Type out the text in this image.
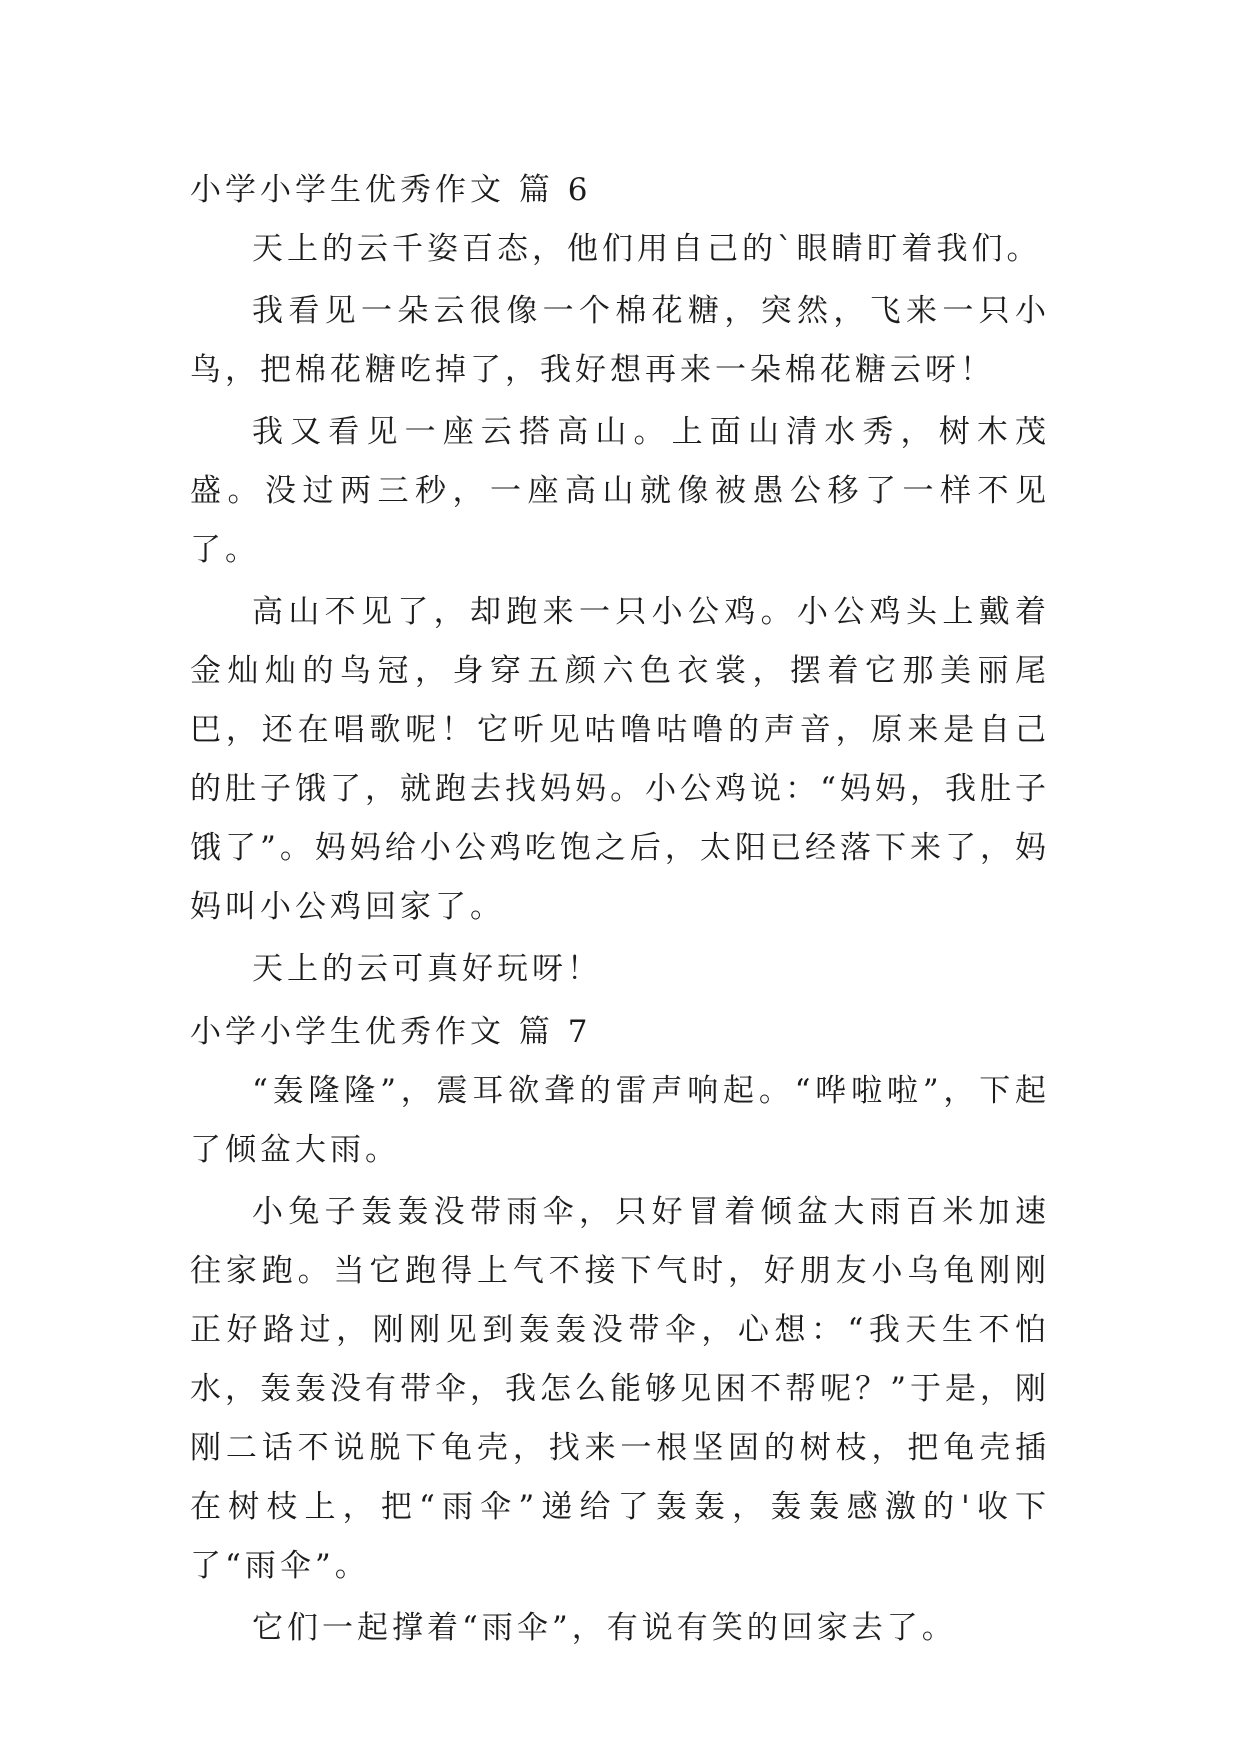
小学小学生优秀作文 篇 6

天上的云千姿百态，他们用自己的`眼睛盯着我们。

我看见一朵云很像一个棉花糖，突然，飞来一只小鸟，把棉花糖吃掉了，我好想再来一朵棉花糖云呀！

我又看见一座云搭高山。上面山清水秀，树木茂盛。没过两三秒，一座高山就像被愚公移了一样不见了。

高山不见了，却跑来一只小公鸡。小公鸡头上戴着金灿灿的鸟冠，身穿五颜六色衣裳，摆着它那美丽尾巴，还在唱歌呢！它听见咕噜咕噜的声音，原来是自己的肚子饿了，就跑去找妈妈。小公鸡说：“妈妈，我肚子饿了”。妈妈给小公鸡吃饱之后，太阳已经落下来了，妈妈叫小公鸡回家了。

天上的云可真好玩呀！

小学小学生优秀作文 篇 7

“轰隆隆”，震耳欲聋的雷声响起。“哗啦啦”，下起了倾盆大雨。

小兔子轰轰没带雨伞，只好冒着倾盆大雨百米加速往家跑。当它跑得上气不接下气时，好朋友小乌龟刚刚正好路过，刚刚见到轰轰没带伞，心想：“我天生不怕水，轰轰没有带伞，我怎么能够见困不帮呢？”于是，刚刚二话不说脱下龟壳，找来一根坚固的树枝，把龟壳插在树枝上，把“雨伞”递给了轰轰，轰轰感激的'收下了“雨伞”。

它们一起撑着“雨伞”，有说有笑的回家去了。
